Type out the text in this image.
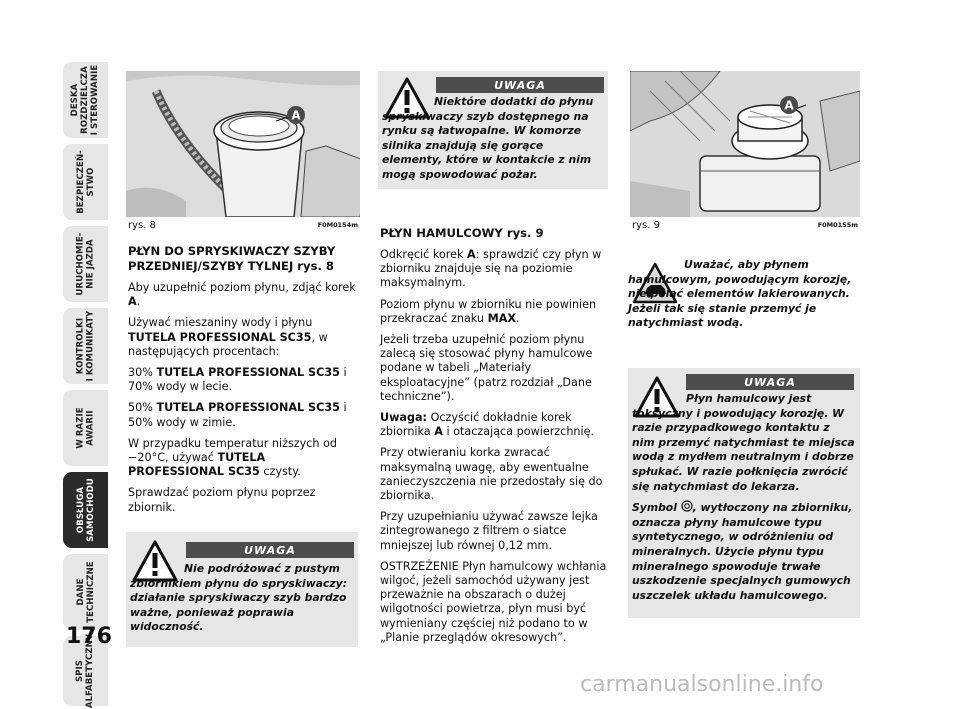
DESKA
ROZDZIELCZA
I STEROWANIE
BEZPIECZEŃ-
STWO
URUCHOMIE-
NIE JAZDA
KONTROLKI
I KOMUNIKATY
W RAZIE
AWARII
OBSŁUGA
SAMOCHODU
DANE
TECHNICZNE
SPIS
ALFABETYCZNY
176
A
rys. 8	F0M0154m
A
rys. 9	F0M0155m
PŁYN DO SPRYSKIWACZY SZYBY PRZEDNIEJ/SZYBY TYLNEJ rys. 8

Aby uzupełnić poziom płynu, zdjąć korek A.

Używać mieszaniny wody i płynu TUTELA PROFESSIONAL SC35, w następujących procentach:

30% TUTELA PROFESSIONAL SC35 i 70% wody w lecie.

50% TUTELA PROFESSIONAL SC35 i 50% wody w zimie.

W przypadku temperatur niższych od −20°C, używać TUTELA PROFESSIONAL SC35 czysty.

Sprawdzać poziom płynu poprzez zbiornik.

UWAGA
Nie podróżować z pustym zbiornikiem płynu do spryskiwaczy: działanie spryskiwaczy szyb bardzo ważne, ponieważ poprawia widoczność.
UWAGA
Niektóre dodatki do płynu spryskiwaczy szyb dostępnego na rynku są łatwopalne. W komorze silnika znajdują się gorące elementy, które w kontakcie z nim mogą spowodować pożar.
PŁYN HAMULCOWY rys. 9

Odkręcić korek A: sprawdzić czy płyn w zbiorniku znajduje się na poziomie maksymalnym.

Poziom płynu w zbiorniku nie powinien przekraczać znaku MAX.

Jeżeli trzeba uzupełnić poziom płynu zalecą się stosować płyny hamulcowe podane w tabeli „Materiały eksploatacyjne” (patrz rozdział „Dane techniczne”).

Uwaga: Oczyścić dokładnie korek zbiornika A i otaczająca powierzchnię.

Przy otwieraniu korka zwracać maksymalną uwagę, aby ewentualne zanieczyszczenia nie przedostały się do zbiornika.

Przy uzupełnianiu używać zawsze lejka zintegrowanego z filtrem o siatce mniejszej lub równej 0,12 mm.

OSTRZEŻENIE Płyn hamulcowy wchłania wilgoć, jeżeli samochód używany jest przeważnie na obszarach o dużej wilgotności powietrza, płyn musi być wymieniany częściej niż podano to w „Planie przeglądów okresowych”.

Uważać, aby płynem hamulcowym, powodującym korozję, nie polać elementów lakierowanych. Jeżeli tak się stanie przemyć je natychmiast wodą.
UWAGA

Płyn hamulcowy jest toksyczny i powodujący korozję. W razie przypadkowego kontaktu z nim przemyć natychmiast te miejsca wodą z mydłem neutralnym i dobrze spłukać. W razie połknięcia zwrócić się natychmiast do lekarza.

Symbol , wytłoczony na zbiorniku, oznacza płyny hamulcowe typu syntetycznego, w odróżnieniu od mineralnych. Użycie płynu typu mineralnego spowoduje trwałe uszkodzenie specjalnych gumowych uszczelek układu hamulcowego.

carmanualsonline.info
